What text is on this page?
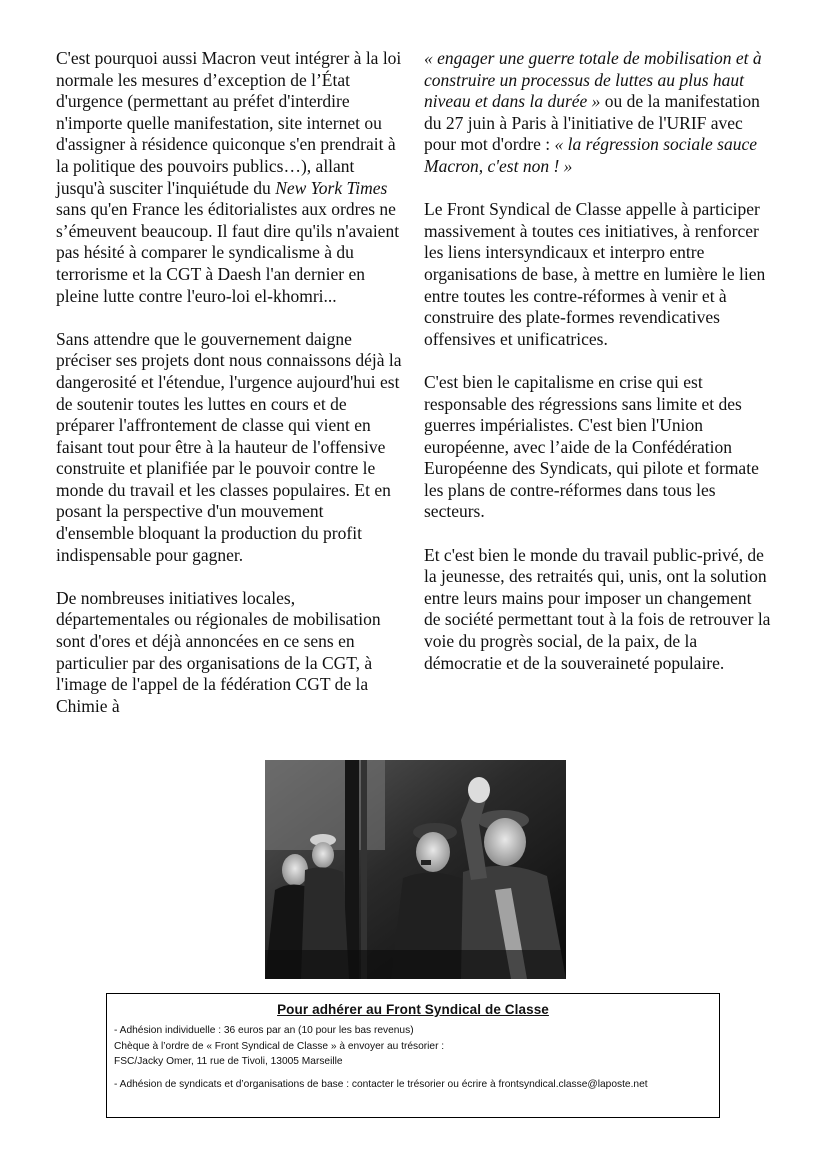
C'est pourquoi aussi Macron veut intégrer à la loi normale les mesures d’exception de l’État d'urgence (permettant au préfet d'interdire n'importe quelle manifestation, site internet ou d'assigner à résidence quiconque s'en prendrait à la politique des pouvoirs publics…), allant jusqu'à susciter l'inquiétude du New York Times sans qu'en France les éditorialistes aux ordres ne s’émeuvent beaucoup. Il faut dire qu'ils n'avaient pas hésité à comparer le syndicalisme à du terrorisme et la CGT à Daesh l'an dernier en pleine lutte contre l'euro-loi el-khomri...

Sans attendre que le gouvernement daigne préciser ses projets dont nous connaissons déjà la dangerosité et l'étendue, l'urgence aujourd'hui est de soutenir toutes les luttes en cours et de préparer l'affrontement de classe qui vient en faisant tout pour être à la hauteur de l'offensive construite et planifiée par le pouvoir contre le monde du travail et les classes populaires. Et en posant la perspective d'un mouvement d'ensemble bloquant la production du profit indispensable pour gagner.

De nombreuses initiatives locales, départementales ou régionales de mobilisation sont d'ores et déjà annoncées en ce sens en particulier par des organisations de la CGT, à l'image de l'appel de la fédération CGT de la Chimie à

« engager une guerre totale de mobilisation et à construire un processus de luttes au plus haut niveau et dans la durée » ou de la manifestation du 27 juin à Paris à l'initiative de l'URIF avec pour mot d'ordre : « la régression sociale sauce Macron, c'est non ! »

Le Front Syndical de Classe appelle à participer massivement à toutes ces initiatives, à renforcer les liens intersyndicaux et interpro entre organisations de base, à mettre en lumière le lien entre toutes les contre-réformes à venir et à construire des plate-formes revendicatives offensives et unificatrices.

C'est bien le capitalisme en crise qui est responsable des régressions sans limite et des guerres impérialistes. C'est bien l'Union européenne, avec l’aide de la Confédération Européenne des Syndicats, qui pilote et formate les plans de contre-réformes dans tous les secteurs.

Et c'est bien le monde du travail public-privé, de la jeunesse, des retraités qui, unis, ont la solution entre leurs mains pour imposer un changement de société permettant tout à la fois de retrouver la voie du progrès social, de la paix, de la démocratie et de la souveraineté populaire.

Pour adhérer au Front Syndical de Classe
- Adhésion individuelle : 36 euros par an (10 pour les bas revenus)
Chèque à l’ordre de « Front Syndical de Classe » à envoyer au trésorier :
FSC/Jacky Omer, 11 rue de Tivoli, 13005 Marseille
- Adhésion de syndicats et d’organisations de base : contacter le trésorier ou écrire à frontsyndical.classe@laposte.net
